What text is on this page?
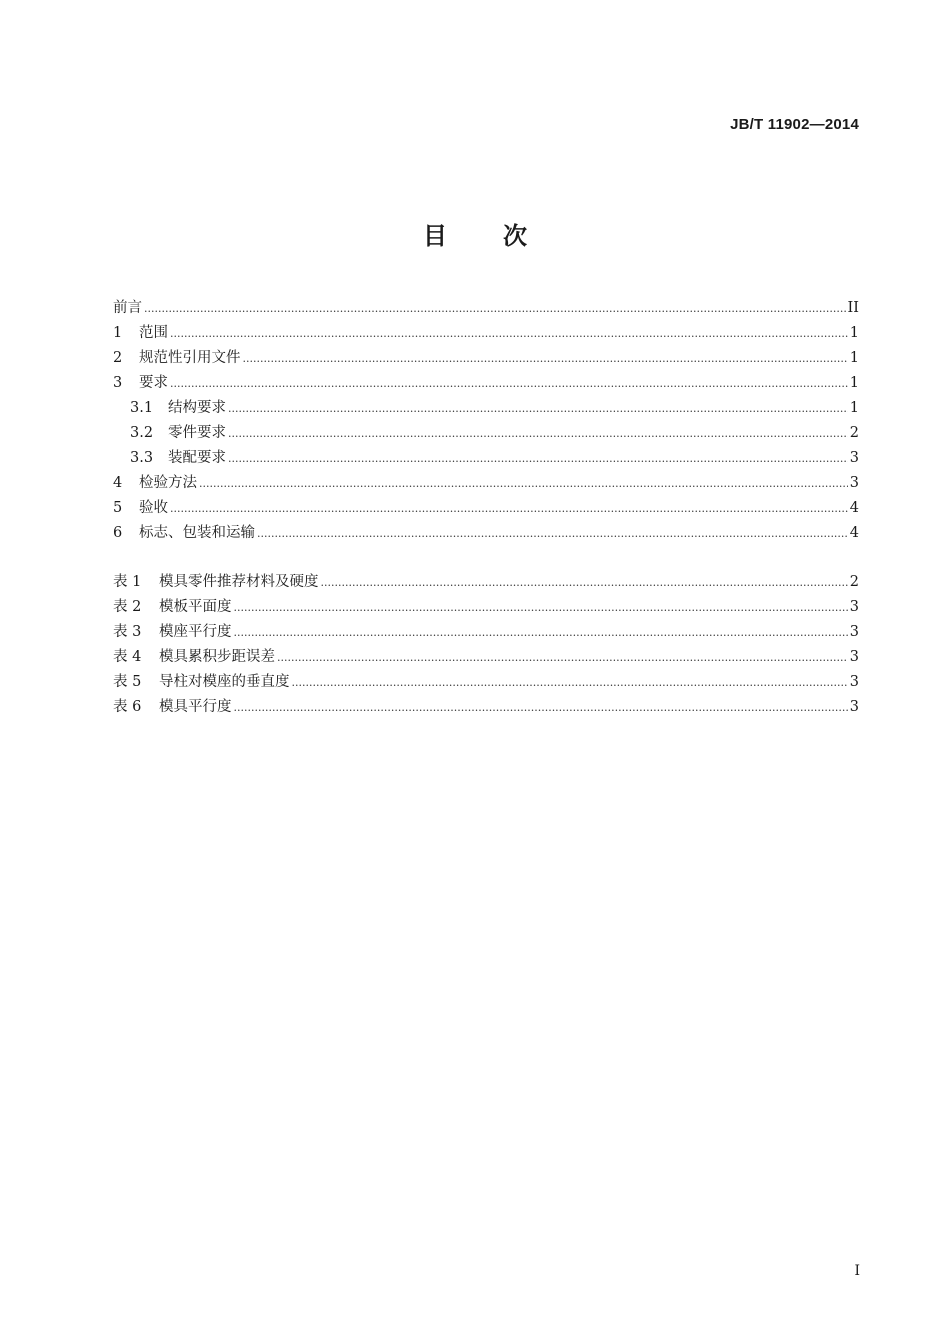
JB/T 11902—2014
目 次
前言 .....	II
1	范围 .....	1
2	规范性引用文件 .....	1
3	要求 .....	1
3.1	结构要求 .....	1
3.2	零件要求 .....	2
3.3	装配要求 .....	3
4	检验方法 .....	3
5	验收 .....	4
6	标志、包装和运输 .....	4
表 1	模具零件推荐材料及硬度 .....	2
表 2	模板平面度 .....	3
表 3	模座平行度 .....	3
表 4	模具累积步距误差 .....	3
表 5	导柱对模座的垂直度 .....	3
表 6	模具平行度 .....	3
I
